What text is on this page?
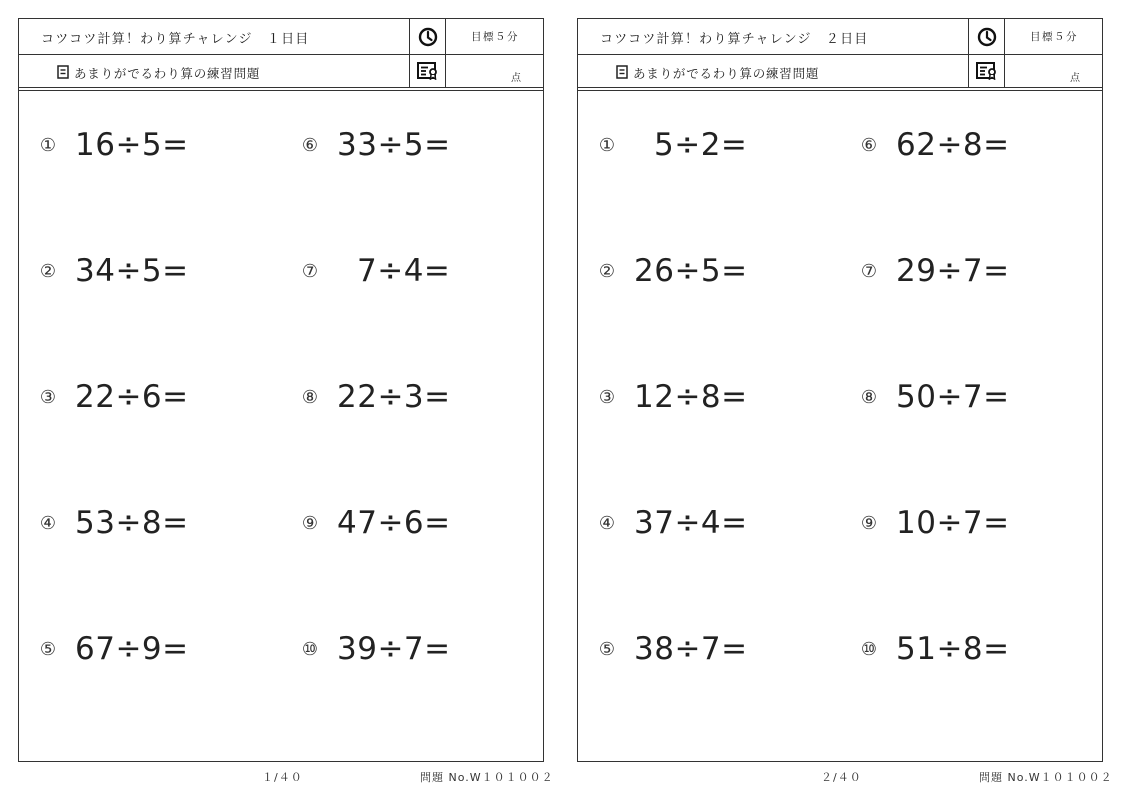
コツコツ計算！わり算チャレンジ　１日目
あまりがでるわり算の練習問題
目標５分
点
① 16÷5=
② 34÷5=
③ 22÷6=
④ 53÷8=
⑤ 67÷9=
⑥ 33÷5=
⑦	7÷4=
⑧ 22÷3=
⑨ 47÷6=
⑩ 39÷7=
１/４０	問題 No.W１０１００２
コツコツ計算！わり算チャレンジ　２日目
あまりがでるわり算の練習問題
目標５分
点
①	5÷2=
② 26÷5=
③ 12÷8=
④ 37÷4=
⑤ 38÷7=
⑥ 62÷8=
⑦ 29÷7=
⑧ 50÷7=
⑨ 10÷7=
⑩ 51÷8=
２/４０	問題 No.W１０１００２
